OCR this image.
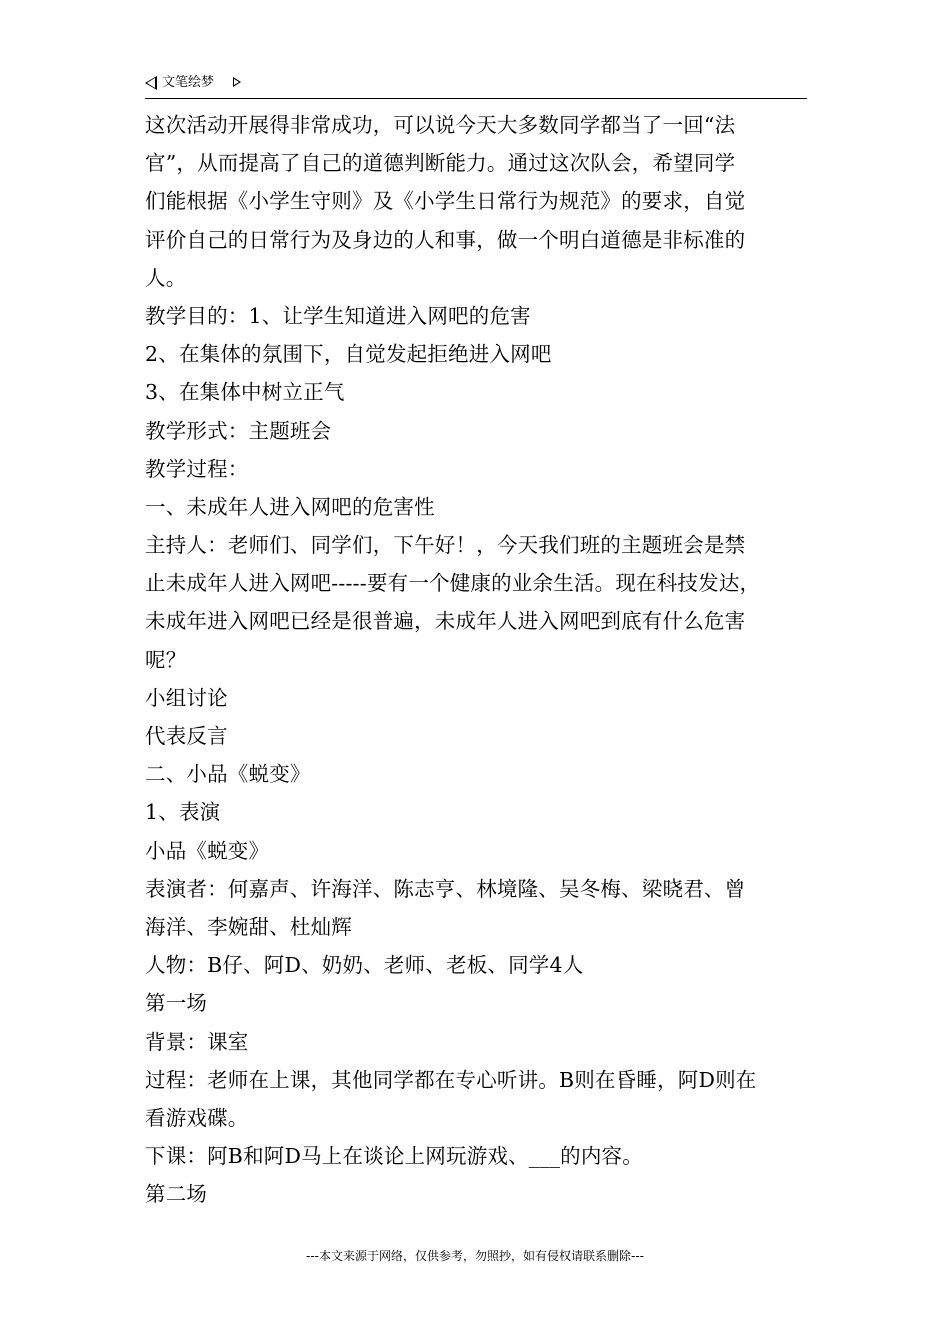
文笔绘梦
这次活动开展得非常成功，可以说今天大多数同学都当了一回“法
官”，从而提高了自己的道德判断能力。通过这次队会，希望同学
们能根据《小学生守则》及《小学生日常行为规范》的要求，自觉
评价自己的日常行为及身边的人和事，做一个明白道德是非标准的
人。
教学目的：1、让学生知道进入网吧的危害
2、在集体的氛围下，自觉发起拒绝进入网吧
3、在集体中树立正气
教学形式：主题班会
教学过程：
一、未成年人进入网吧的危害性
主持人：老师们、同学们，下午好！，今天我们班的主题班会是禁
止未成年人进入网吧-----要有一个健康的业余生活。现在科技发达，
未成年进入网吧已经是很普遍，未成年人进入网吧到底有什么危害
呢？
小组讨论
代表反言
二、小品《蜕变》
1、表演
小品《蜕变》
表演者：何嘉声、许海洋、陈志亨、林境隆、吴冬梅、梁晓君、曾
海洋、李婉甜、杜灿辉
人物：B仔、阿D、奶奶、老师、老板、同学4人
第一场
背景：课室
过程：老师在上课，其他同学都在专心听讲。B则在昏睡，阿D则在
看游戏碟。
下课：阿B和阿D马上在谈论上网玩游戏、___的内容。
第二场
---本文来源于网络，仅供参考，勿照抄，如有侵权请联系删除---
